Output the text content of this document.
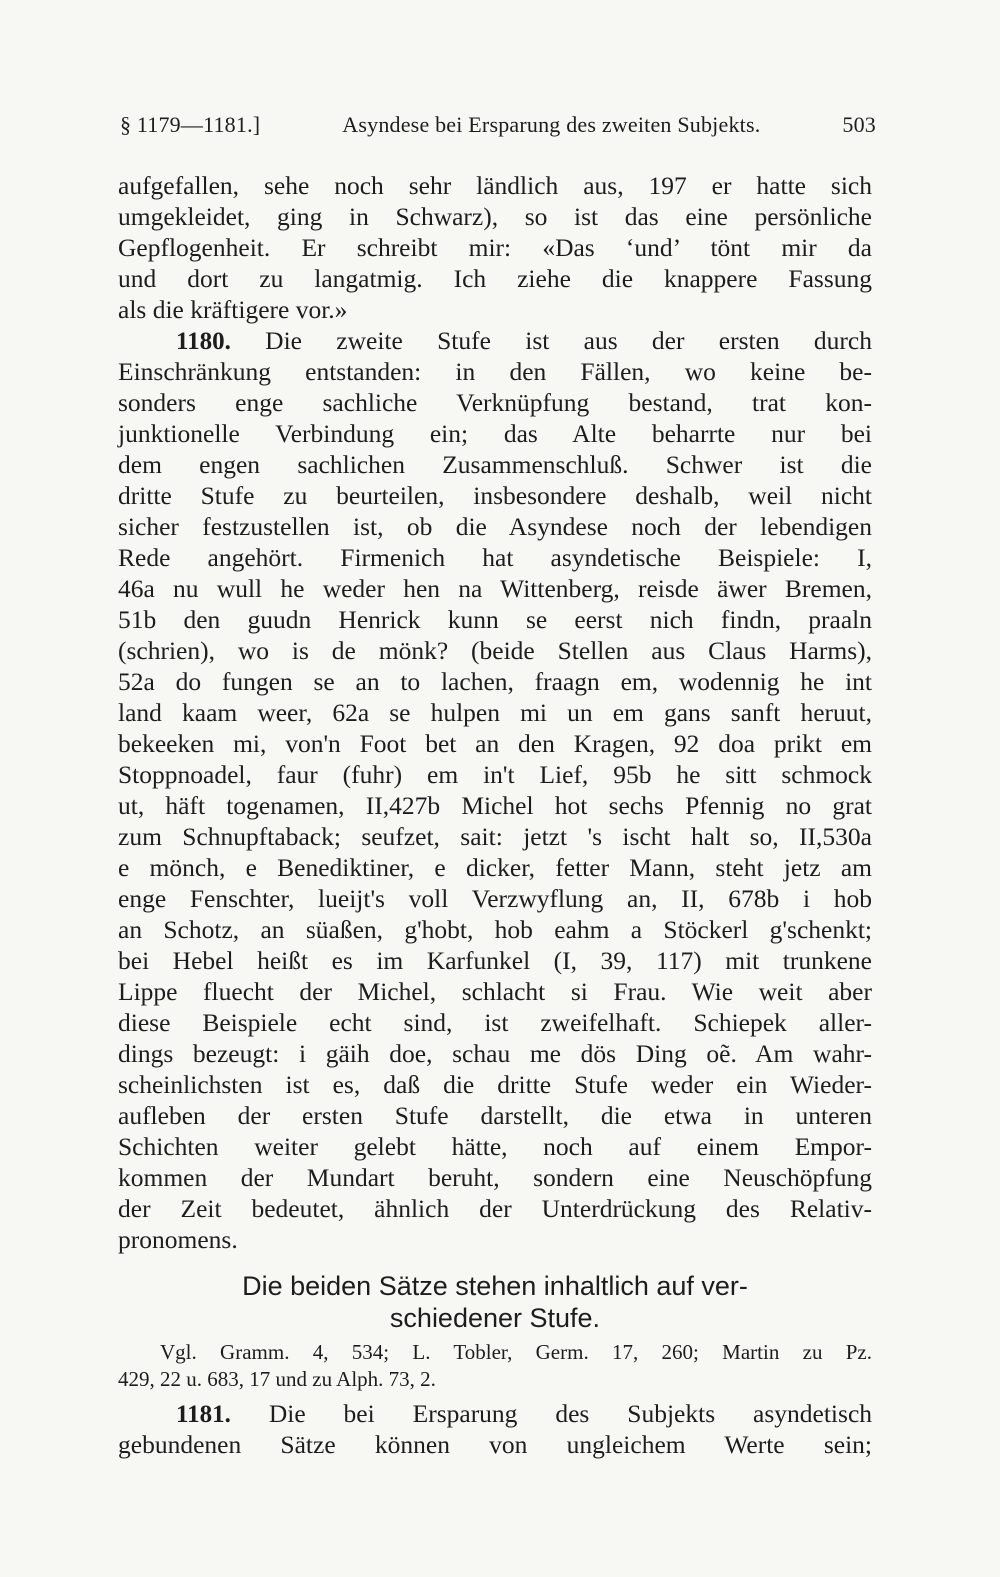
§ 1179—1181.]	Asyndese bei Ersparung des zweiten Subjekts.	503
aufgefallen, sehe noch sehr ländlich aus, 197 er hatte sich
umgekleidet, ging in Schwarz), so ist das eine persönliche
Gepflogenheit. Er schreibt mir: «Das ‘und’ tönt mir da
und dort zu langatmig. Ich ziehe die knappere Fassung
als die kräftigere vor.»
1180. Die zweite Stufe ist aus der ersten durch
Einschränkung entstanden: in den Fällen, wo keine be-
sonders enge sachliche Verknüpfung bestand, trat kon-
junktionelle Verbindung ein; das Alte beharrte nur bei
dem engen sachlichen Zusammenschluß. Schwer ist die
dritte Stufe zu beurteilen, insbesondere deshalb, weil nicht
sicher festzustellen ist, ob die Asyndese noch der lebendigen
Rede angehört. Firmenich hat asyndetische Beispiele: I,
46a nu wull he weder hen na Wittenberg, reisde äwer Bremen,
51b den guudn Henrick kunn se eerst nich findn, praaln
(schrien), wo is de mönk? (beide Stellen aus Claus Harms),
52a do fungen se an to lachen, fraagn em, wodennig he int
land kaam weer, 62a se hulpen mi un em gans sanft heruut,
bekeeken mi, von'n Foot bet an den Kragen, 92 doa prikt em
Stoppnoadel, faur (fuhr) em in't Lief, 95b he sitt schmock
ut, häft togenamen, II,427b Michel hot sechs Pfennig no grat
zum Schnupftaback; seufzet, sait: jetzt 's ischt halt so, II,530a
e mönch, e Benediktiner, e dicker, fetter Mann, steht jetz am
enge Fenschter, lueijt's voll Verzwyflung an, II, 678b i hob
an Schotz, an süaßen, g'hobt, hob eahm a Stöckerl g'schenkt;
bei Hebel heißt es im Karfunkel (I, 39, 117) mit trunkene
Lippe fluecht der Michel, schlacht si Frau. Wie weit aber
diese Beispiele echt sind, ist zweifelhaft. Schiepek aller-
dings bezeugt: i gäih doe, schau me dös Ding oẽ. Am wahr-
scheinlichsten ist es, daß die dritte Stufe weder ein Wieder-
aufleben der ersten Stufe darstellt, die etwa in unteren
Schichten weiter gelebt hätte, noch auf einem Empor-
kommen der Mundart beruht, sondern eine Neuschöpfung
der Zeit bedeutet, ähnlich der Unterdrückung des Relativ-
pronomens.
Die beiden Sätze stehen inhaltlich auf ver-
schiedener Stufe.
Vgl. Gramm. 4, 534; L. Tobler, Germ. 17, 260; Martin zu Pz.
429, 22 u. 683, 17 und zu Alph. 73, 2.
1181. Die bei Ersparung des Subjekts asyndetisch
gebundenen Sätze können von ungleichem Werte sein;
